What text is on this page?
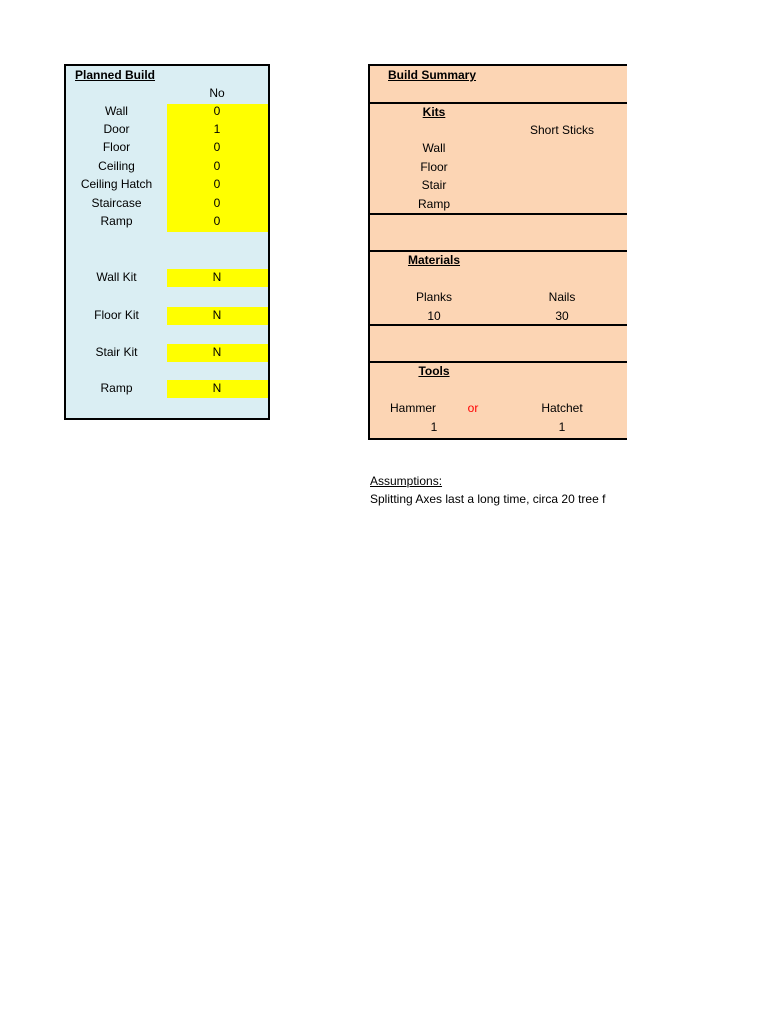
Planned Build
No
Wall	0
Door	1
Floor	0
Ceiling	0
Ceiling Hatch	0
Staircase	0
Ramp	0
Wall Kit	N
Floor Kit	N
Stair Kit	N
Ramp	N
Build Summary
Kits
Short Sticks
Wall
Floor
Stair
Ramp
Materials
Planks	Nails
10	30
Tools
Hammer	or	Hatchet
1	1
Assumptions:
Splitting Axes last a long time, circa 20 tree f
